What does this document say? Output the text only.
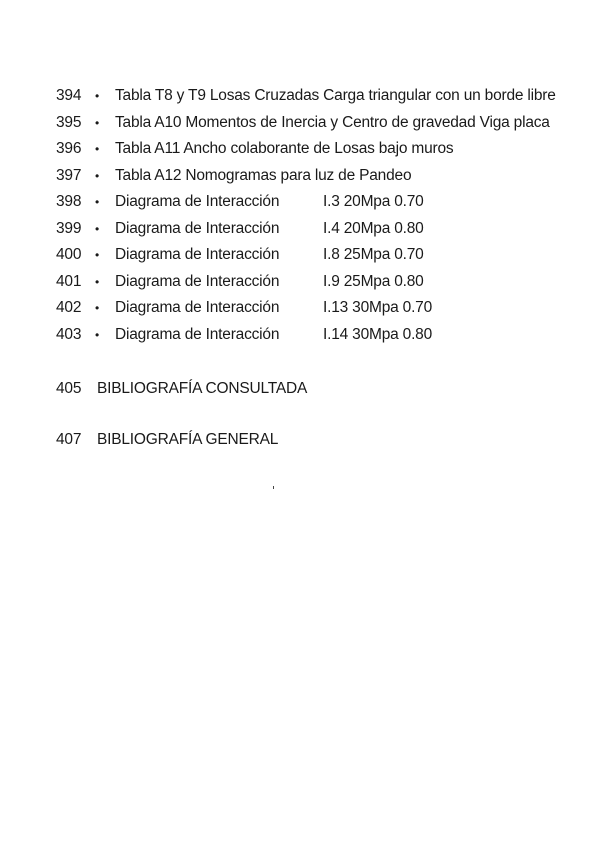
394	• Tabla T8 y T9 Losas Cruzadas Carga triangular con un borde libre
395	• Tabla A10 Momentos de Inercia y Centro de gravedad Viga placa
396	• Tabla A11 Ancho colaborante de Losas bajo muros
397	• Tabla A12 Nomogramas para luz de Pandeo
398	• Diagrama de Interacción	I.3 20Mpa 0.70
399	• Diagrama de Interacción	I.4 20Mpa 0.80
400	• Diagrama de Interacción	I.8 25Mpa 0.70
401	• Diagrama de Interacción	I.9 25Mpa 0.80
402	• Diagrama de Interacción	I.13 30Mpa 0.70
403	• Diagrama de Interacción	I.14 30Mpa 0.80
405	BIBLIOGRAFÍA CONSULTADA
407	BIBLIOGRAFÍA GENERAL
